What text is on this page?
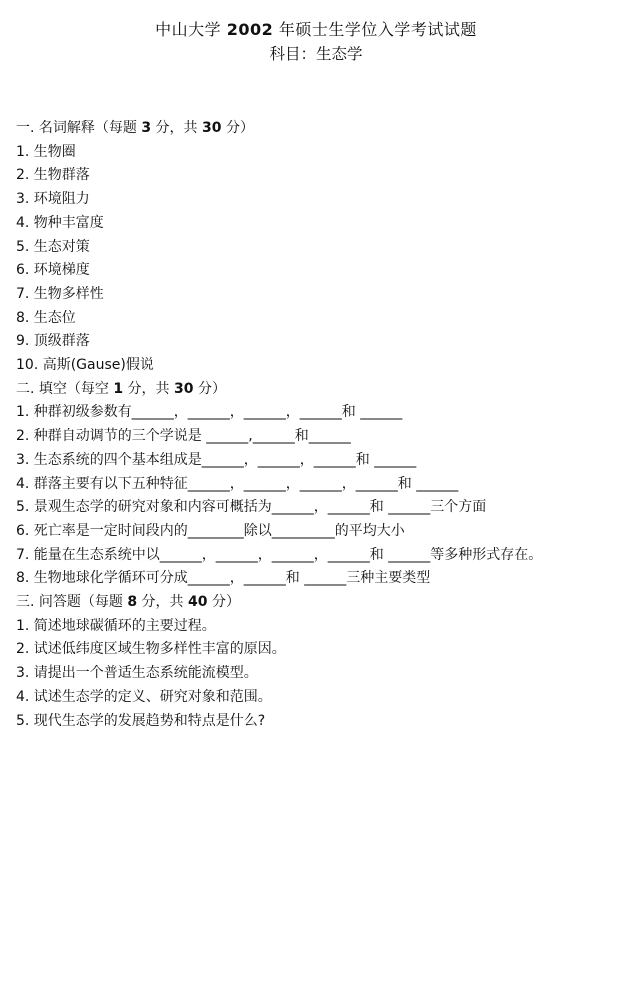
中山大学 2002 年硕士生学位入学考试试题
科目：生态学
一. 名词解释（每题 3 分，共 30 分）
1. 生物圈
2. 生物群落
3. 环境阻力
4. 物种丰富度
5. 生态对策
6. 环境梯度
7. 生物多样性
8. 生态位
9. 顶级群落
10. 高斯(Gause)假说
二. 填空（每空 1 分，共 30 分）
1. 种群初级参数有______，______，______，______和 ______
2. 种群自动调节的三个学说是 ______,______和______
3. 生态系统的四个基本组成是______，______，______和 ______
4. 群落主要有以下五种特征______，______，______，______和 ______
5. 景观生态学的研究对象和内容可概括为______，______和 ______三个方面
6. 死亡率是一定时间段内的________除以_________的平均大小
7. 能量在生态系统中以______，______，______，______和 ______等多种形式存在。
8. 生物地球化学循环可分成______，______和 ______三种主要类型
三. 问答题（每题 8 分，共 40 分）
1. 简述地球碳循环的主要过程。
2. 试述低纬度区域生物多样性丰富的原因。
3. 请提出一个普适生态系统能流模型。
4. 试述生态学的定义、研究对象和范围。
5. 现代生态学的发展趋势和特点是什么?
